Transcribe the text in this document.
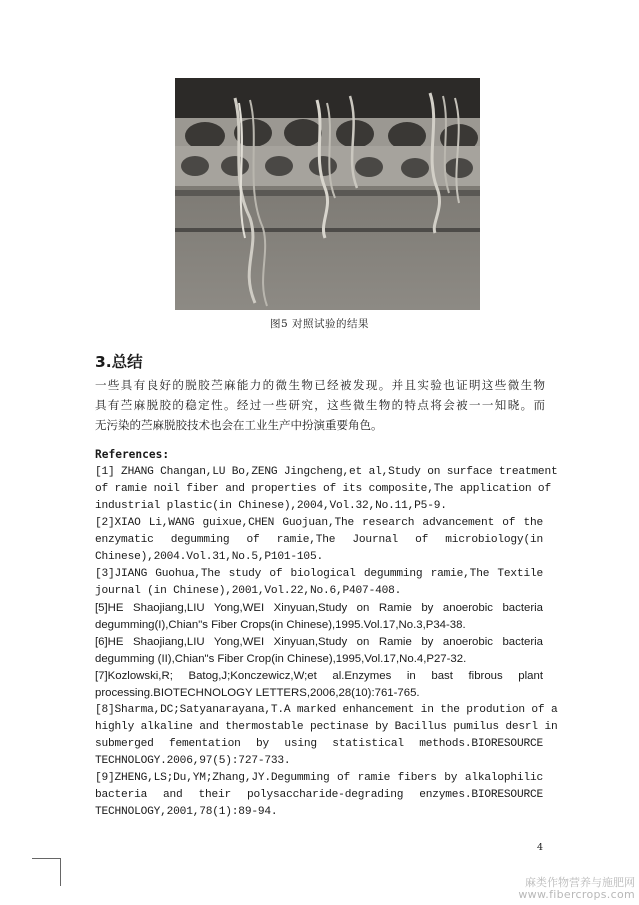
图5 对照试验的结果
3.总结
一些具有良好的脱胶苎麻能力的微生物已经被发现。并且实验也证明这些微生物
具有苎麻脱胶的稳定性。经过一些研究，这些微生物的特点将会被一一知晓。而
无污染的苎麻脱胶技术也会在工业生产中扮演重要角色。
References:
[1] ZHANG Changan,LU Bo,ZENG Jingcheng,et al,Study on surface treatment
of ramie noil fiber and properties of its composite,The application of
industrial plastic(in Chinese),2004,Vol.32,No.11,P5-9.
[2]XIAO Li,WANG guixue,CHEN Guojuan,The research advancement of the
enzymatic degumming of ramie,The Journal of microbiology(in
Chinese),2004.Vol.31,No.5,P101-105.
[3]JIANG Guohua,The study of biological degumming ramie,The Textile
journal (in Chinese),2001,Vol.22,No.6,P407-408.
[5]HE Shaojiang,LIU Yong,WEI Xinyuan,Study on Ramie by anoerobic bacteria
degumming(I),Chian"s Fiber Crops(in Chinese),1995.Vol.17,No.3,P34-38.
[6]HE Shaojiang,LIU Yong,WEI Xinyuan,Study on Ramie by anoerobic bacteria
degumming (II),Chian"s Fiber Crop(in Chinese),1995,Vol.17,No.4,P27-32.
[7]Kozlowski,R; Batog,J;Konczewicz,W;et al.Enzymes in bast fibrous plant
processing.BIOTECHNOLOGY LETTERS,2006,28(10):761-765.
[8]Sharma,DC;Satyanarayana,T.A marked enhancement in the prodution of a
highly alkaline and thermostable pectinase by Bacillus pumilus desrl in
submerged fementation by using statistical methods.BIORESOURCE
TECHNOLOGY.2006,97(5):727-733.
[9]ZHENG,LS;Du,YM;Zhang,JY.Degumming of ramie fibers by alkalophilic
bacteria and their polysaccharide-degrading enzymes.BIORESOURCE
TECHNOLOGY,2001,78(1):89-94.
4
麻类作物营养与施肥网
www.fibercrops.com
